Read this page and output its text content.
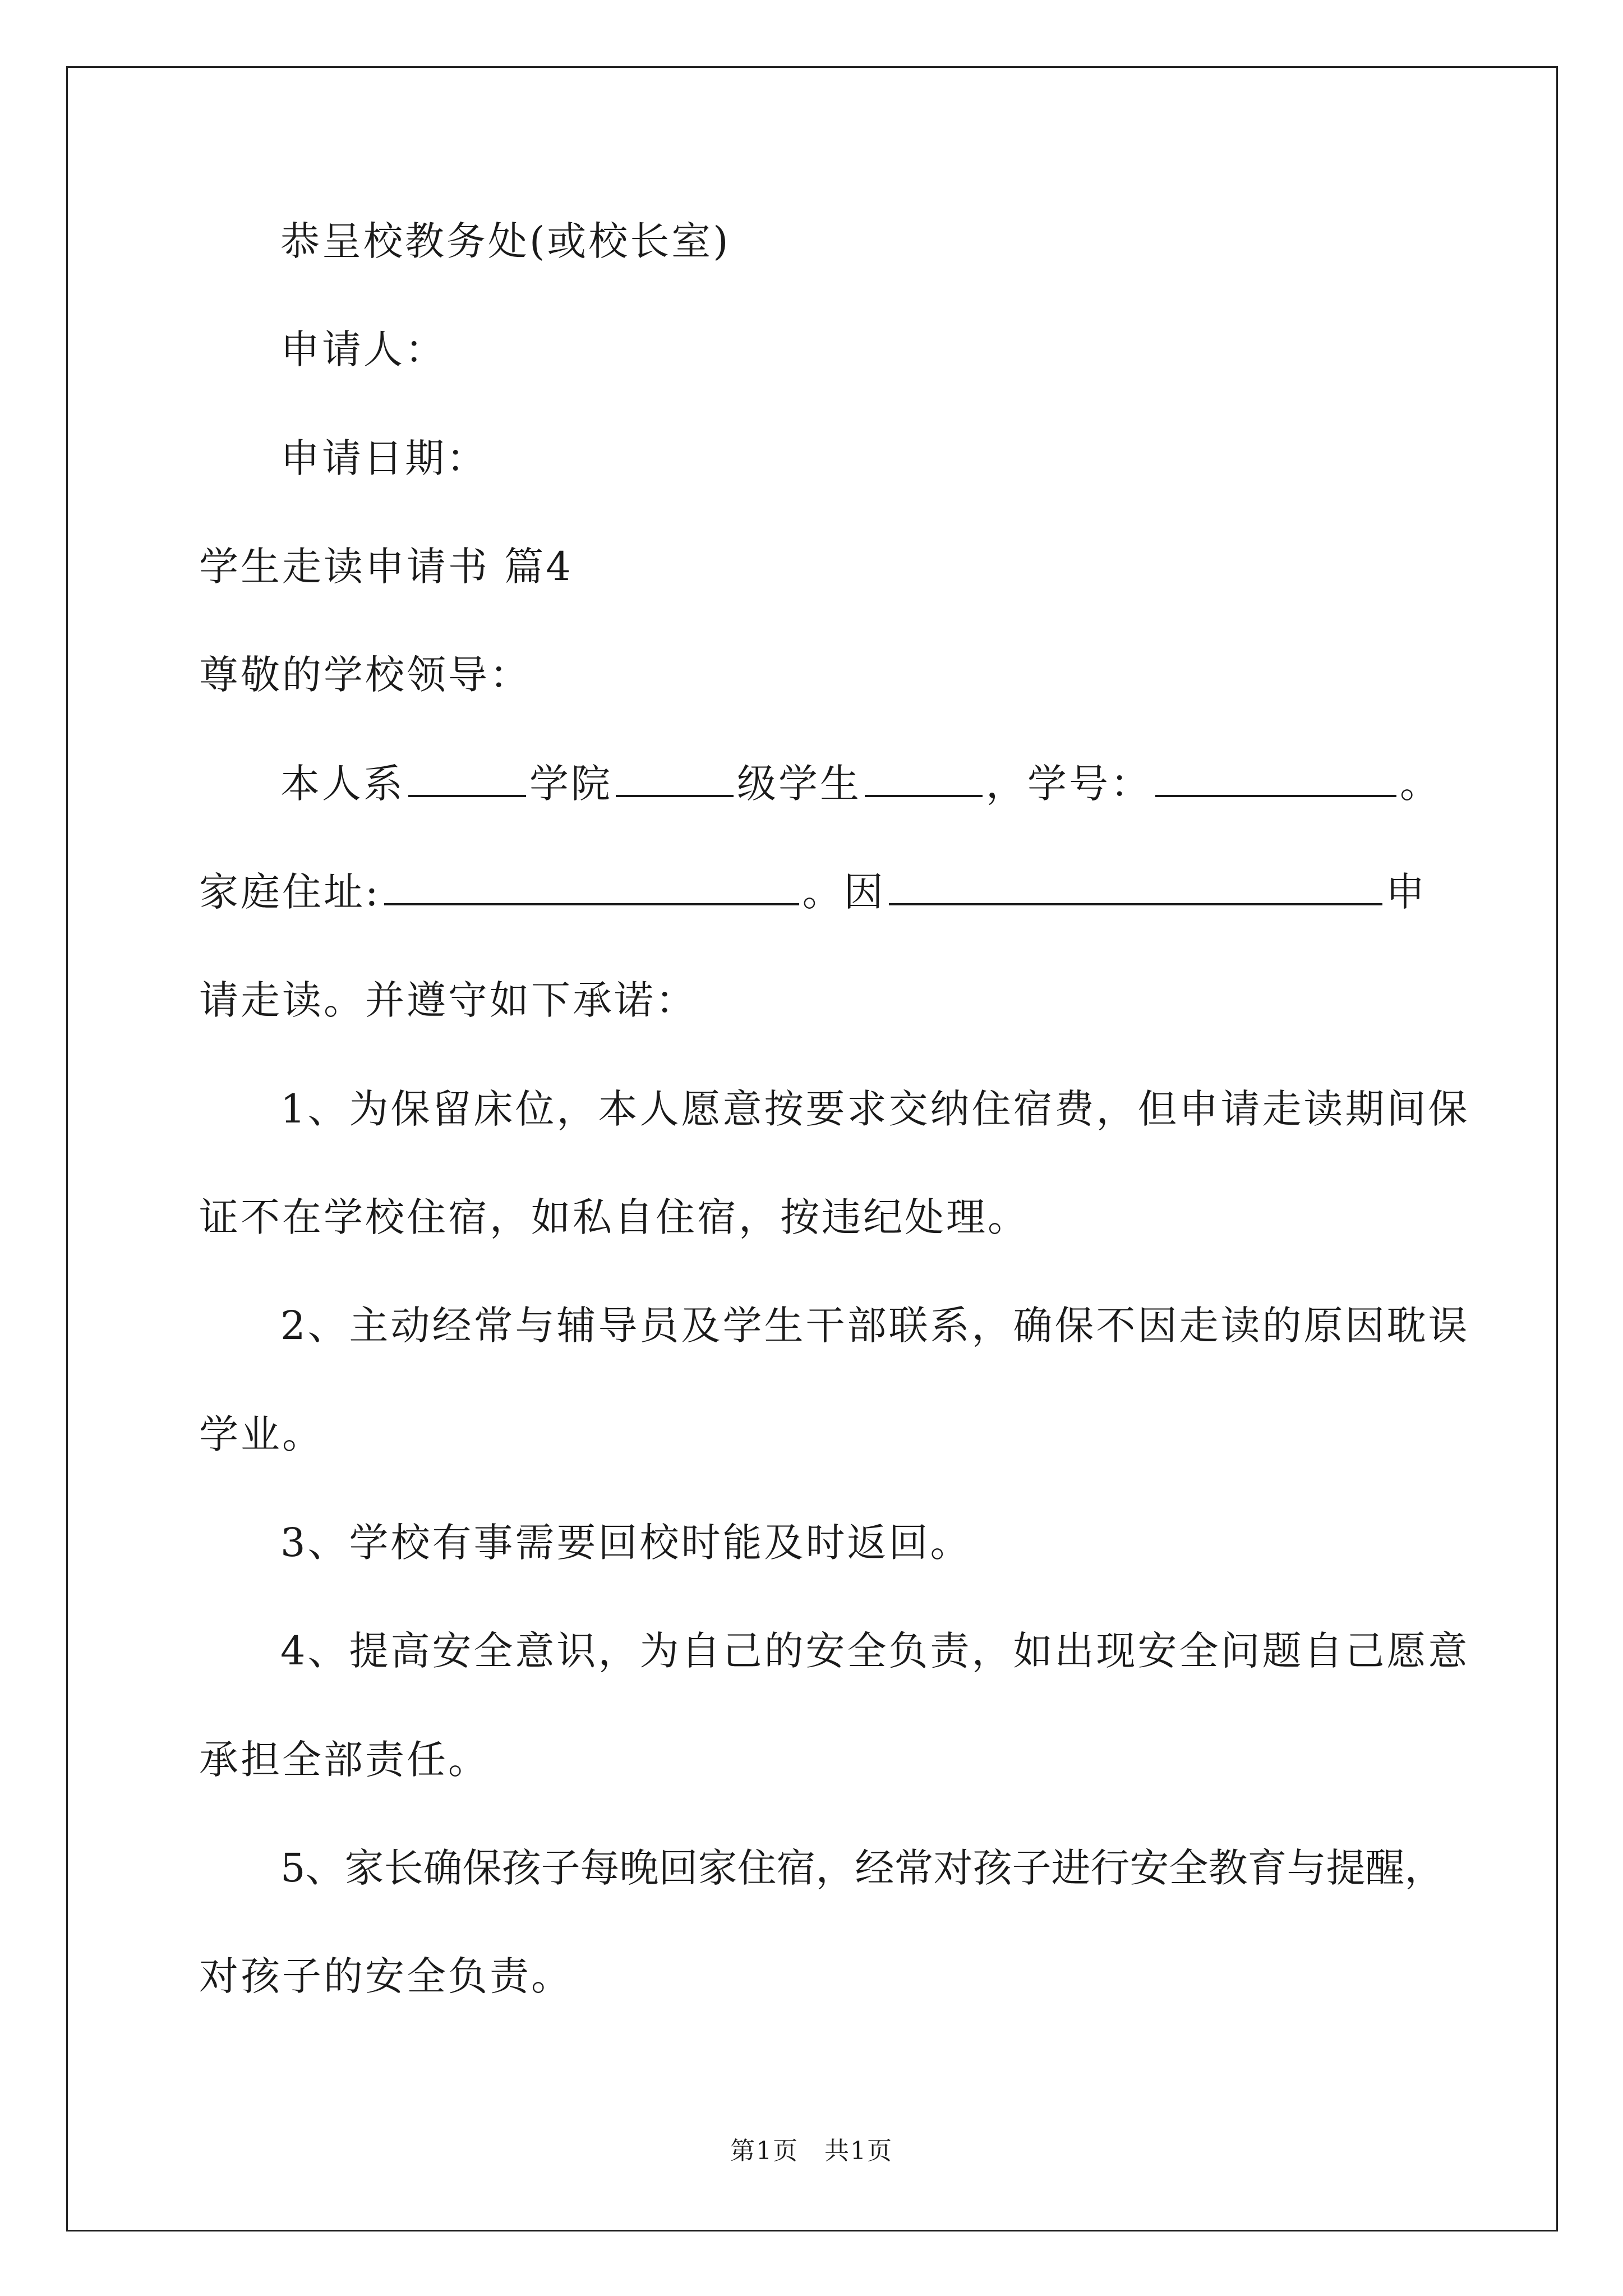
恭呈校教务处(或校长室)
申请人：
申请日期：
学生走读申请书 篇4
尊敬的学校领导：
本人系	学院	级学生	，学号：	。
家庭住址:	。因	申
请走读。并遵守如下承诺：
1、为保留床位，本人愿意按要求交纳住宿费，但申请走读期间保
证不在学校住宿，如私自住宿，按违纪处理。
2、主动经常与辅导员及学生干部联系，确保不因走读的原因耽误
学业。
3、学校有事需要回校时能及时返回。
4、提高安全意识，为自己的安全负责，如出现安全问题自己愿意
承担全部责任。
5、家长确保孩子每晚回家住宿，经常对孩子进行安全教育与提醒，
对孩子的安全负责。
第1页　共1页
